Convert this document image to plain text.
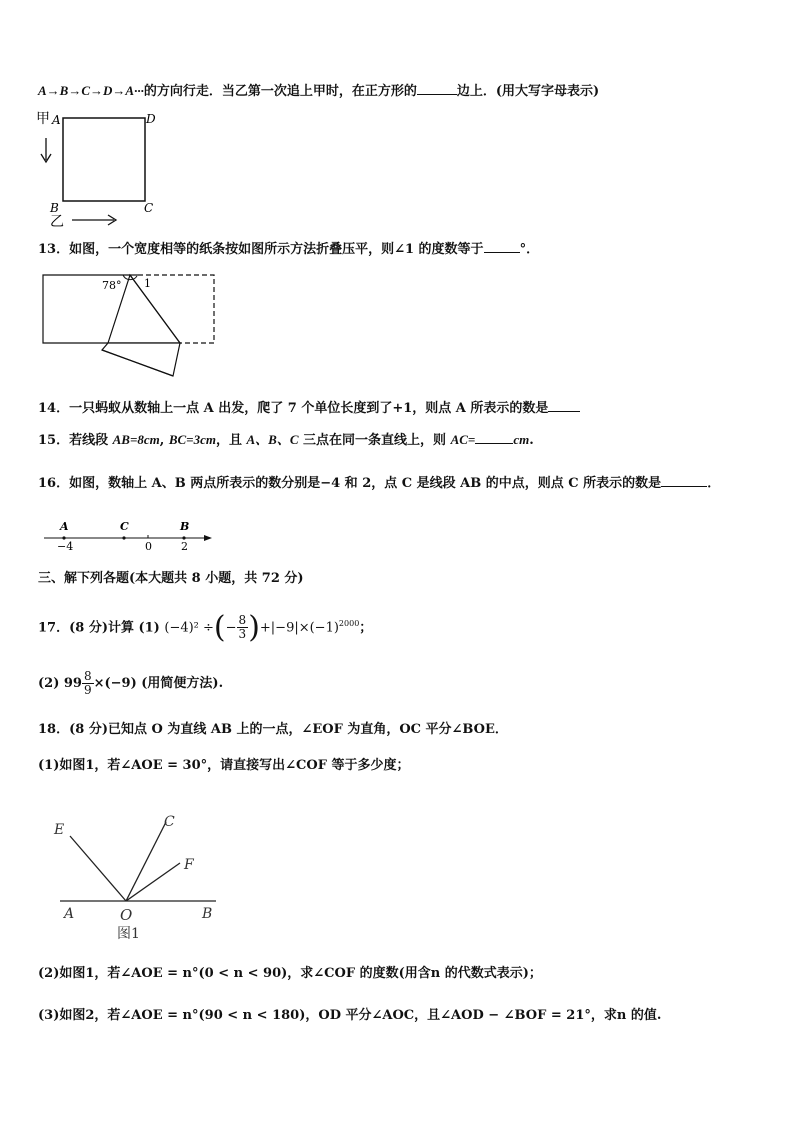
A→B→C→D→A···的方向行走．当乙第一次追上甲时，在正方形的	边上．(用大写字母表示)
甲 A	D
B	C
乙
13．如图，一个宽度相等的纸条按如图所示方法折叠压平，则∠1 的度数等于	°．
78° 1
14．一只蚂蚁从数轴上一点 A 出发，爬了 7 个单位长度到了+1，则点 A 所表示的数是
15．若线段 AB=8cm, BC=3cm，且 A、B、C 三点在同一条直线上，则 AC=	cm.
16．如图，数轴上 A、B 两点所表示的数分别是−4 和 2，点 C 是线段 AB 的中点，则点 C 所表示的数是	．
A	C	B
−4	0	2
三、解下列各题(本大题共 8 小题，共 72 分)
17．(8 分)计算 (1) (−4)² ÷(− $\frac{8}{3} )+|-9|\times(-1)^{2000}$；
(2) $99 \frac{8}{9} \times(-9)$ (用简便方法).
18．(8 分)已知点 O 为直线 AB 上的一点，∠EOF 为直角，OC 平分∠BOE．
(1)如图1，若∠AOE = 30°，请直接写出∠COF 等于多少度；
E	C
F
A	O	B
图1
(2)如图1，若∠AOE = n°(0 < n < 90)，求∠COF 的度数(用含n 的代数式表示)；
(3)如图2，若∠AOE = n°(90 < n < 180)，OD 平分∠AOC，且∠AOD − ∠BOF = 21°，求n 的值.
